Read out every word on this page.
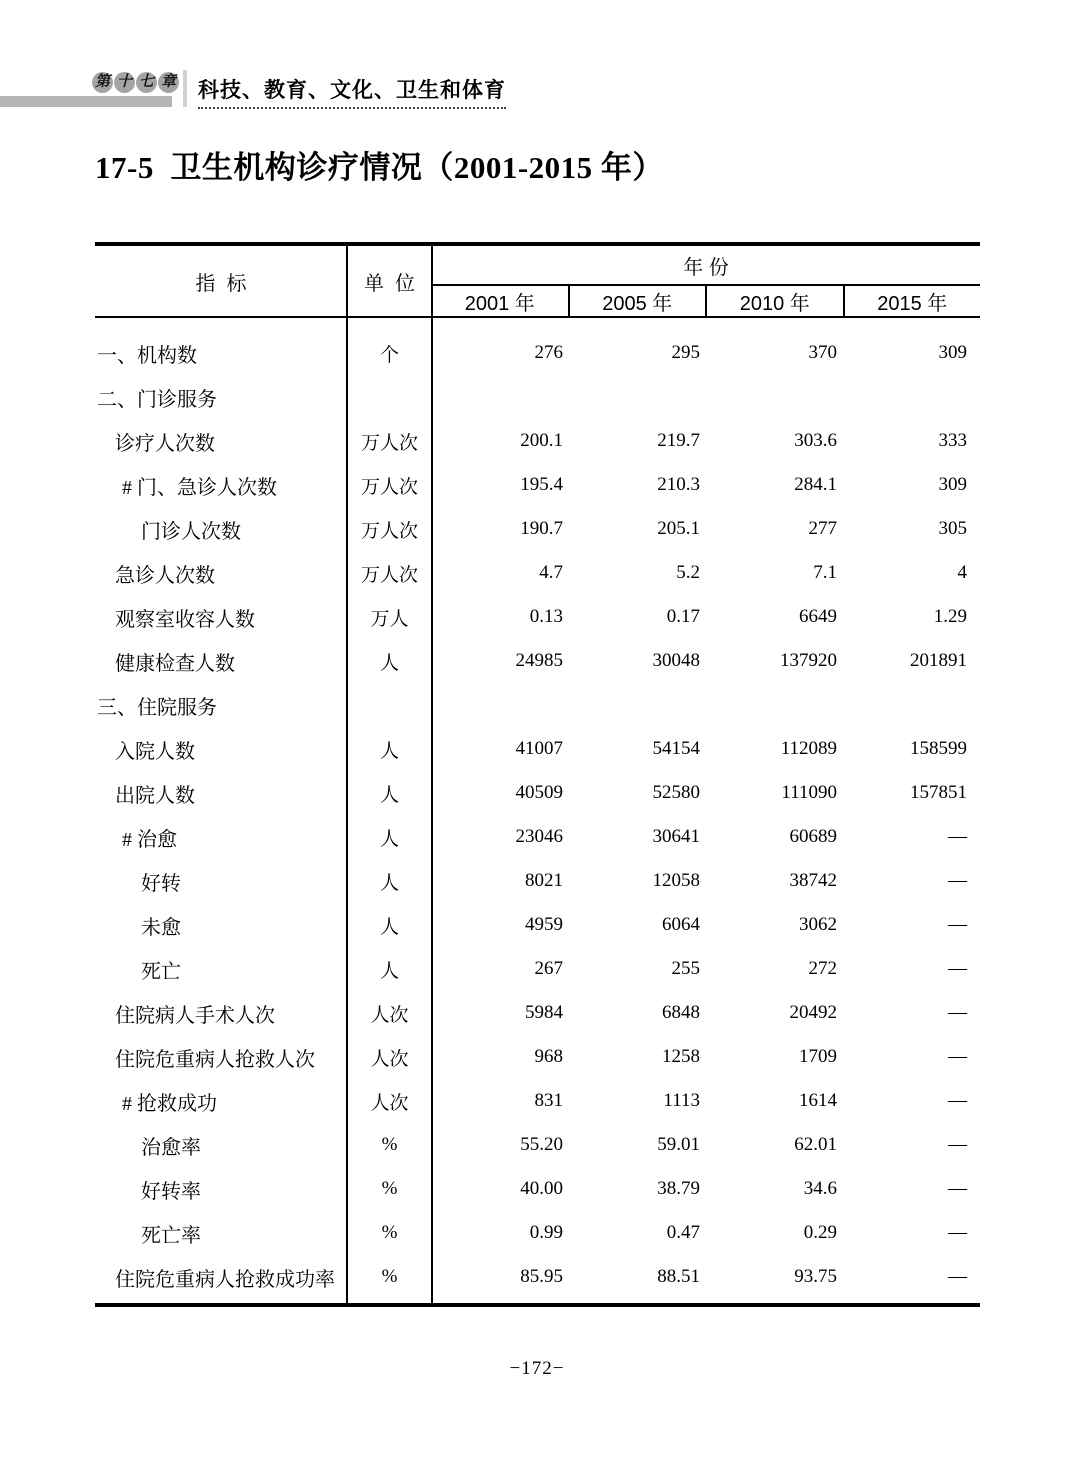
第 十 七 章 科技、教育、文化、卫生和体育
17-5  卫生机构诊疗情况（2001-2015 年）
指  标	单  位
年 份
2001 年	2005 年	2010 年	2015 年
一、机构数	个	276	295	370	309
二、门诊服务
诊疗人次数	万人次	200.1	219.7	303.6	333
# 门、急诊人次数	万人次	195.4	210.3	284.1	309
门诊人次数	万人次	190.7	205.1	277	305
急诊人次数	万人次	4.7	5.2	7.1	4
观察室收容人数	万人	0.13	0.17	6649	1.29
健康检查人数	人	24985	30048	137920	201891
三、住院服务
入院人数	人	41007	54154	112089	158599
出院人数	人	40509	52580	111090	157851
# 治愈	人	23046	30641	60689	—
好转	人	8021	12058	38742	—
未愈	人	4959	6064	3062	—
死亡	人	267	255	272	—
住院病人手术人次	人次	5984	6848	20492	—
住院危重病人抢救人次	人次	968	1258	1709	—
# 抢救成功	人次	831	1113	1614	—
治愈率	%	55.20	59.01	62.01	—
好转率	%	40.00	38.79	34.6	—
死亡率	%	0.99	0.47	0.29	—
住院危重病人抢救成功率	%	85.95	88.51	93.75	—
−172−
